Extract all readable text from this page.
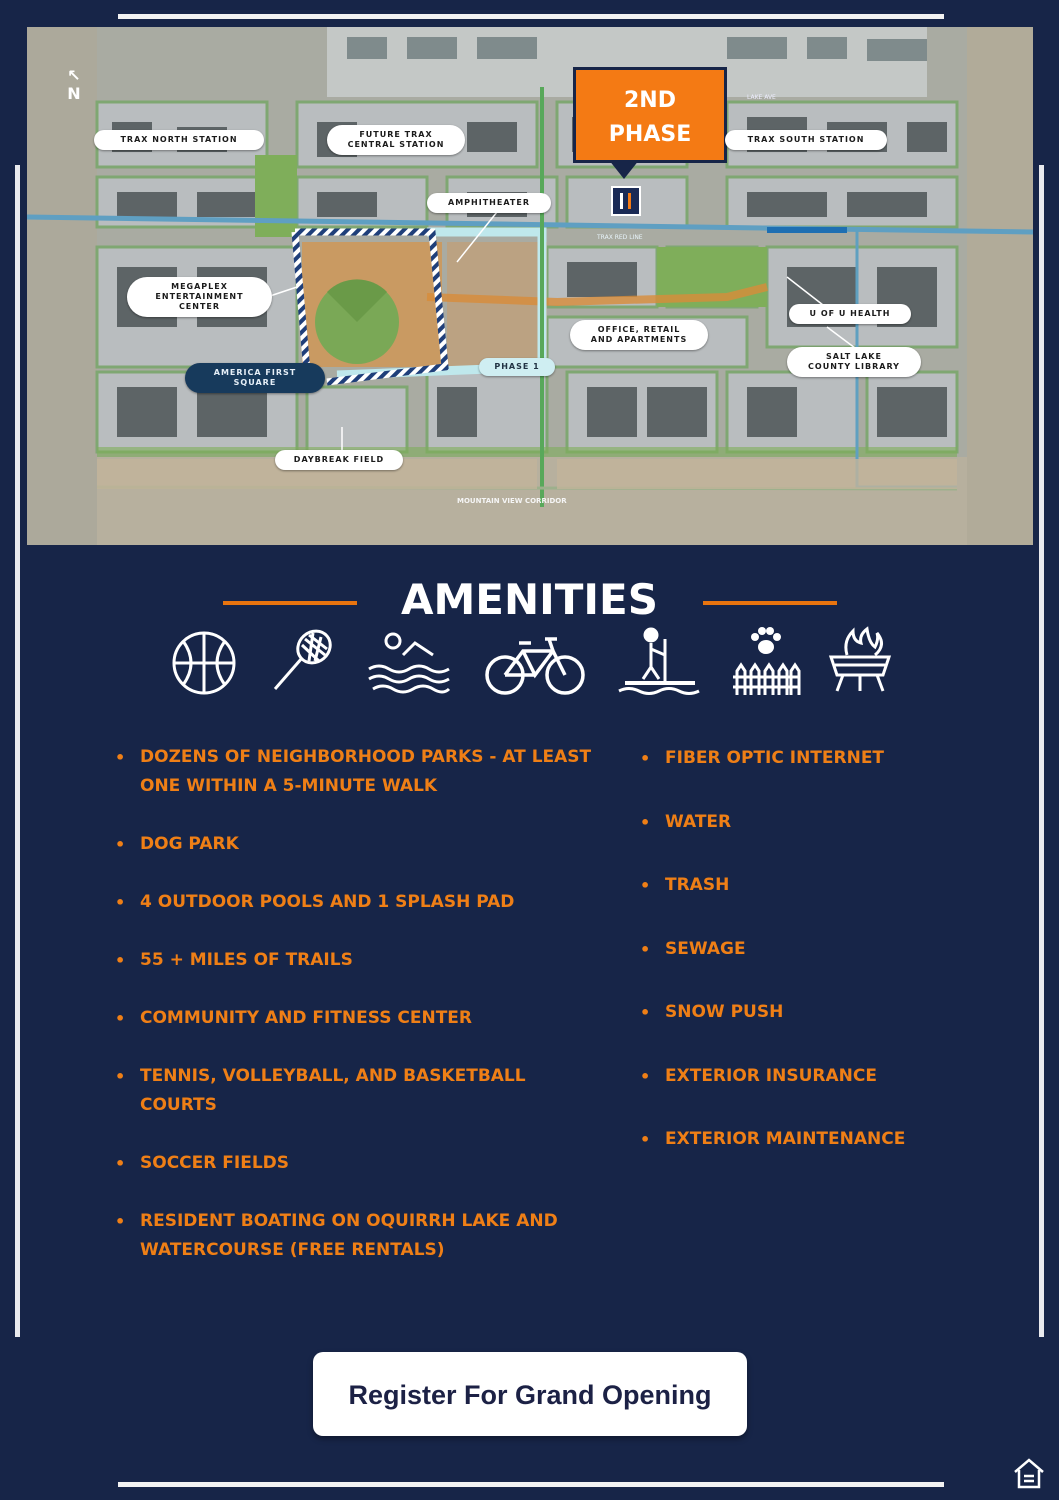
LAKE AVE
TRAX RED LINE
MOUNTAIN VIEW CORRIDOR
↖
N	2ND
PHASE
TRAX NORTH STATION
FUTURE TRAX
CENTRAL STATION
TRAX SOUTH STATION
AMPHITHEATER
MEGAPLEX
ENTERTAINMENT
CENTER
AMERICA FIRST
SQUARE
PHASE 1
OFFICE, RETAIL
AND APARTMENTS
U OF U HEALTH
SALT LAKE
COUNTY LIBRARY
DAYBREAK FIELD
AMENITIES
• DOZENS OF NEIGHBORHOOD PARKS - AT LEAST ONE WITHIN A 5-MINUTE WALK
• DOG PARK
• 4 OUTDOOR POOLS AND 1 SPLASH PAD
• 55 + MILES OF TRAILS
• COMMUNITY AND FITNESS CENTER
• TENNIS, VOLLEYBALL, AND BASKETBALL COURTS
• SOCCER FIELDS
• RESIDENT BOATING ON OQUIRRH LAKE AND WATERCOURSE (FREE RENTALS)
• FIBER OPTIC INTERNET
• WATER
• TRASH
• SEWAGE
• SNOW PUSH
• EXTERIOR INSURANCE
• EXTERIOR MAINTENANCE
Register For Grand Opening
